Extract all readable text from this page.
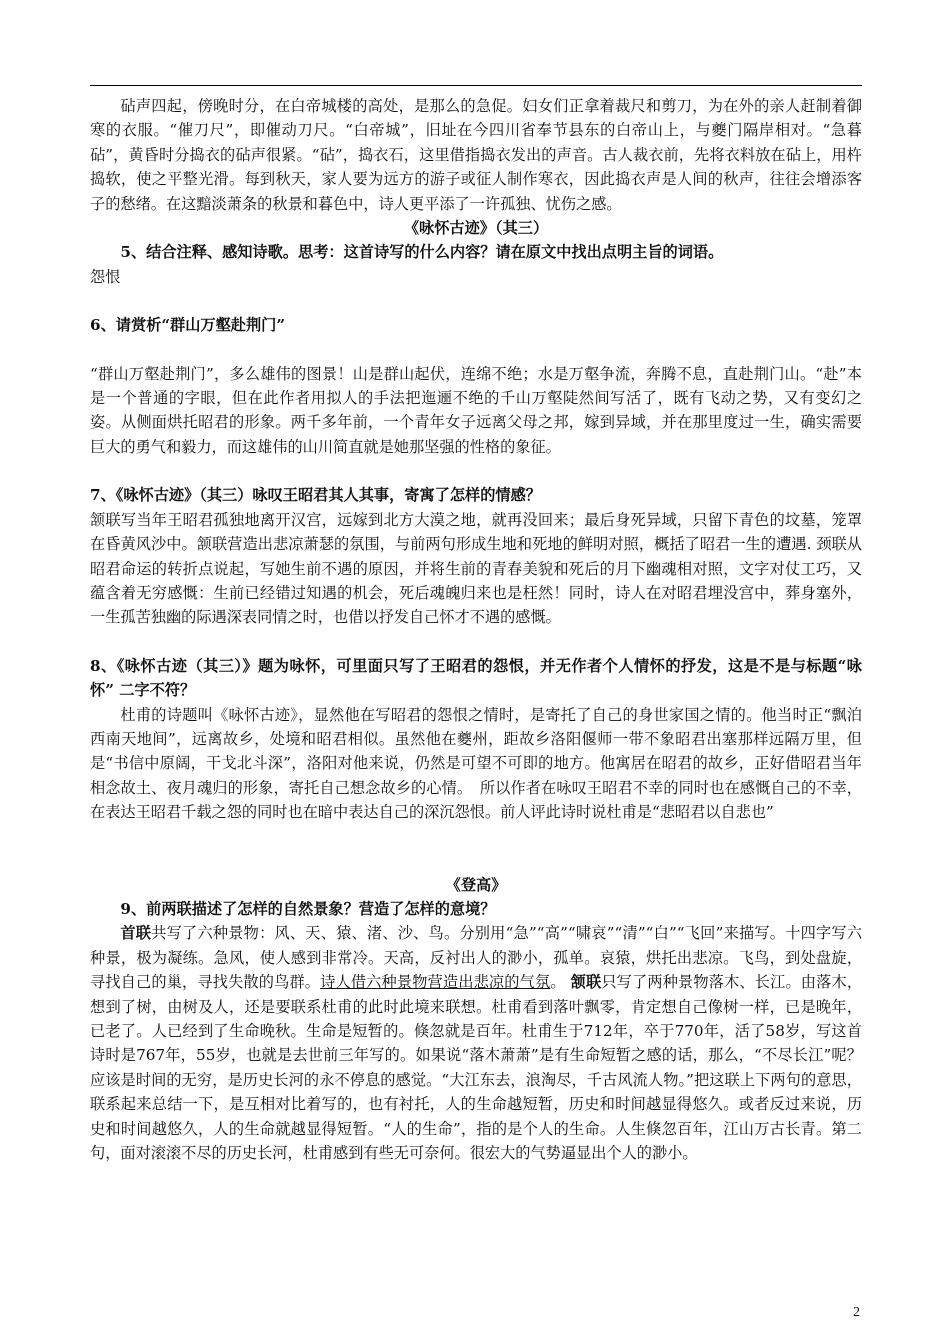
砧声四起，傍晚时分，在白帝城楼的高处，是那么的急促。妇女们正拿着裁尺和剪刀，为在外的亲人赶制着御寒的衣服。“催刀尺”，即催动刀尺。“白帝城”，旧址在今四川省奉节县东的白帝山上，与夔门隔岸相对。“急暮砧”，黄昏时分捣衣的砧声很紧。“砧”，捣衣石，这里借指捣衣发出的声音。古人裁衣前，先将衣料放在砧上，用杵捣软，使之平整光滑。每到秋天，家人要为远方的游子或征人制作寒衣，因此捣衣声是人间的秋声，往往会增添客子的愁绪。在这黯淡萧条的秋景和暮色中，诗人更平添了一许孤独、忧伤之感。

《咏怀古迹》（其三）

5、结合注释、感知诗歌。思考：这首诗写的什么内容？请在原文中找出点明主旨的词语。

怨恨

6、请赏析“群山万壑赴荆门”

“群山万壑赴荆门”，多么雄伟的图景！山是群山起伏，连绵不绝；水是万壑争流，奔腾不息，直赴荆门山。“赴”本是一个普通的字眼，但在此作者用拟人的手法把迤逦不绝的千山万壑陡然间写活了，既有飞动之势，又有变幻之姿。从侧面烘托昭君的形象。两千多年前，一个青年女子远离父母之邦，嫁到异域，并在那里度过一生，确实需要巨大的勇气和毅力，而这雄伟的山川简直就是她那坚强的性格的象征。

7、《咏怀古迹》（其三）咏叹王昭君其人其事，寄寓了怎样的情感？

颔联写当年王昭君孤独地离开汉宫，远嫁到北方大漠之地，就再没回来；最后身死异域，只留下青色的坟墓，笼罩在昏黄风沙中。颔联营造出悲凉萧瑟的氛围，与前两句形成生地和死地的鲜明对照，概括了昭君一生的遭遇. 颈联从昭君命运的转折点说起，写她生前不遇的原因，并将生前的青春美貌和死后的月下幽魂相对照，文字对仗工巧，又蕴含着无穷感慨：生前已经错过知遇的机会，死后魂魄归来也是枉然！同时，诗人在对昭君埋没宫中，葬身塞外，一生孤苦独幽的际遇深表同情之时，也借以抒发自己怀才不遇的感慨。

8、《咏怀古迹（其三）》题为咏怀，可里面只写了王昭君的怨恨，并无作者个人情怀的抒发，这是不是与标题“咏怀” 二字不符？

杜甫的诗题叫《咏怀古迹》，显然他在写昭君的怨恨之情时，是寄托了自己的身世家国之情的。他当时正“飘泊西南天地间”，远离故乡，处境和昭君相似。虽然他在夔州，距故乡洛阳偃师一带不象昭君出塞那样远隔万里，但是“书信中原阔，干戈北斗深”，洛阳对他来说，仍然是可望不可即的地方。他寓居在昭君的故乡，正好借昭君当年相念故土、夜月魂归的形象，寄托自己想念故乡的心情。　所以作者在咏叹王昭君不幸的同时也在感慨自己的不幸，在表达王昭君千载之怨的同时也在暗中表达自己的深沉怨恨。前人评此诗时说杜甫是“悲昭君以自悲也”

《登高》

9、前两联描述了怎样的自然景象？营造了怎样的意境？

首联共写了六种景物：风、天、猿、渚、沙、鸟。分别用“急”“高”“啸哀”“清”“白”“飞回”来描写。十四字写六种景，极为凝练。急风，使人感到非常冷。天高，反衬出人的渺小，孤单。哀猿，烘托出悲凉。飞鸟，到处盘旋，寻找自己的巢，寻找失散的鸟群。诗人借六种景物营造出悲凉的气氛。 颔联只写了两种景物落木、长江。由落木，想到了树，由树及人，还是要联系杜甫的此时此境来联想。杜甫看到落叶飘零，肯定想自己像树一样，已是晚年，已老了。人已经到了生命晚秋。生命是短暂的。倏忽就是百年。杜甫生于712年，卒于770年，活了58岁，写这首诗时是767年，55岁，也就是去世前三年写的。如果说“落木萧萧”是有生命短暂之感的话，那么，“不尽长江”呢？应该是时间的无穷，是历史长河的永不停息的感觉。“大江东去，浪淘尽，千古风流人物。”把这联上下两句的意思，联系起来总结一下，是互相对比着写的，也有衬托，人的生命越短暂，历史和时间越显得悠久。或者反过来说，历史和时间越悠久，人的生命就越显得短暂。“人的生命”，指的是个人的生命。人生倏忽百年，江山万古长青。第二句，面对滚滚不尽的历史长河，杜甫感到有些无可奈何。很宏大的气势逼显出个人的渺小。

2
